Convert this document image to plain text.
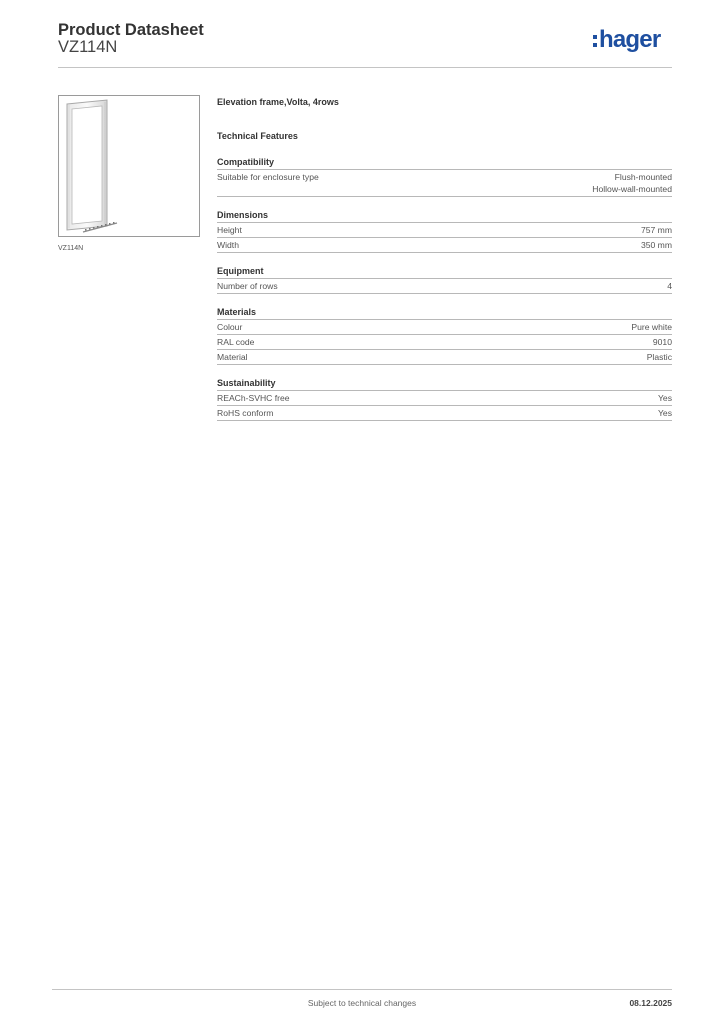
Product Datasheet
VZ114N	hager
VZ114N
Elevation frame,Volta, 4rows
Technical Features
Compatibility
Suitable for enclosure type	Flush-mounted
Hollow-wall-mounted
Dimensions
Height	757 mm
Width	350 mm
Equipment
Number of rows	4
Materials
Colour	Pure white
RAL code	9010
Material	Plastic
Sustainability
REACh-SVHC free	Yes
RoHS conform	Yes
Subject to technical changes	08.12.2025
